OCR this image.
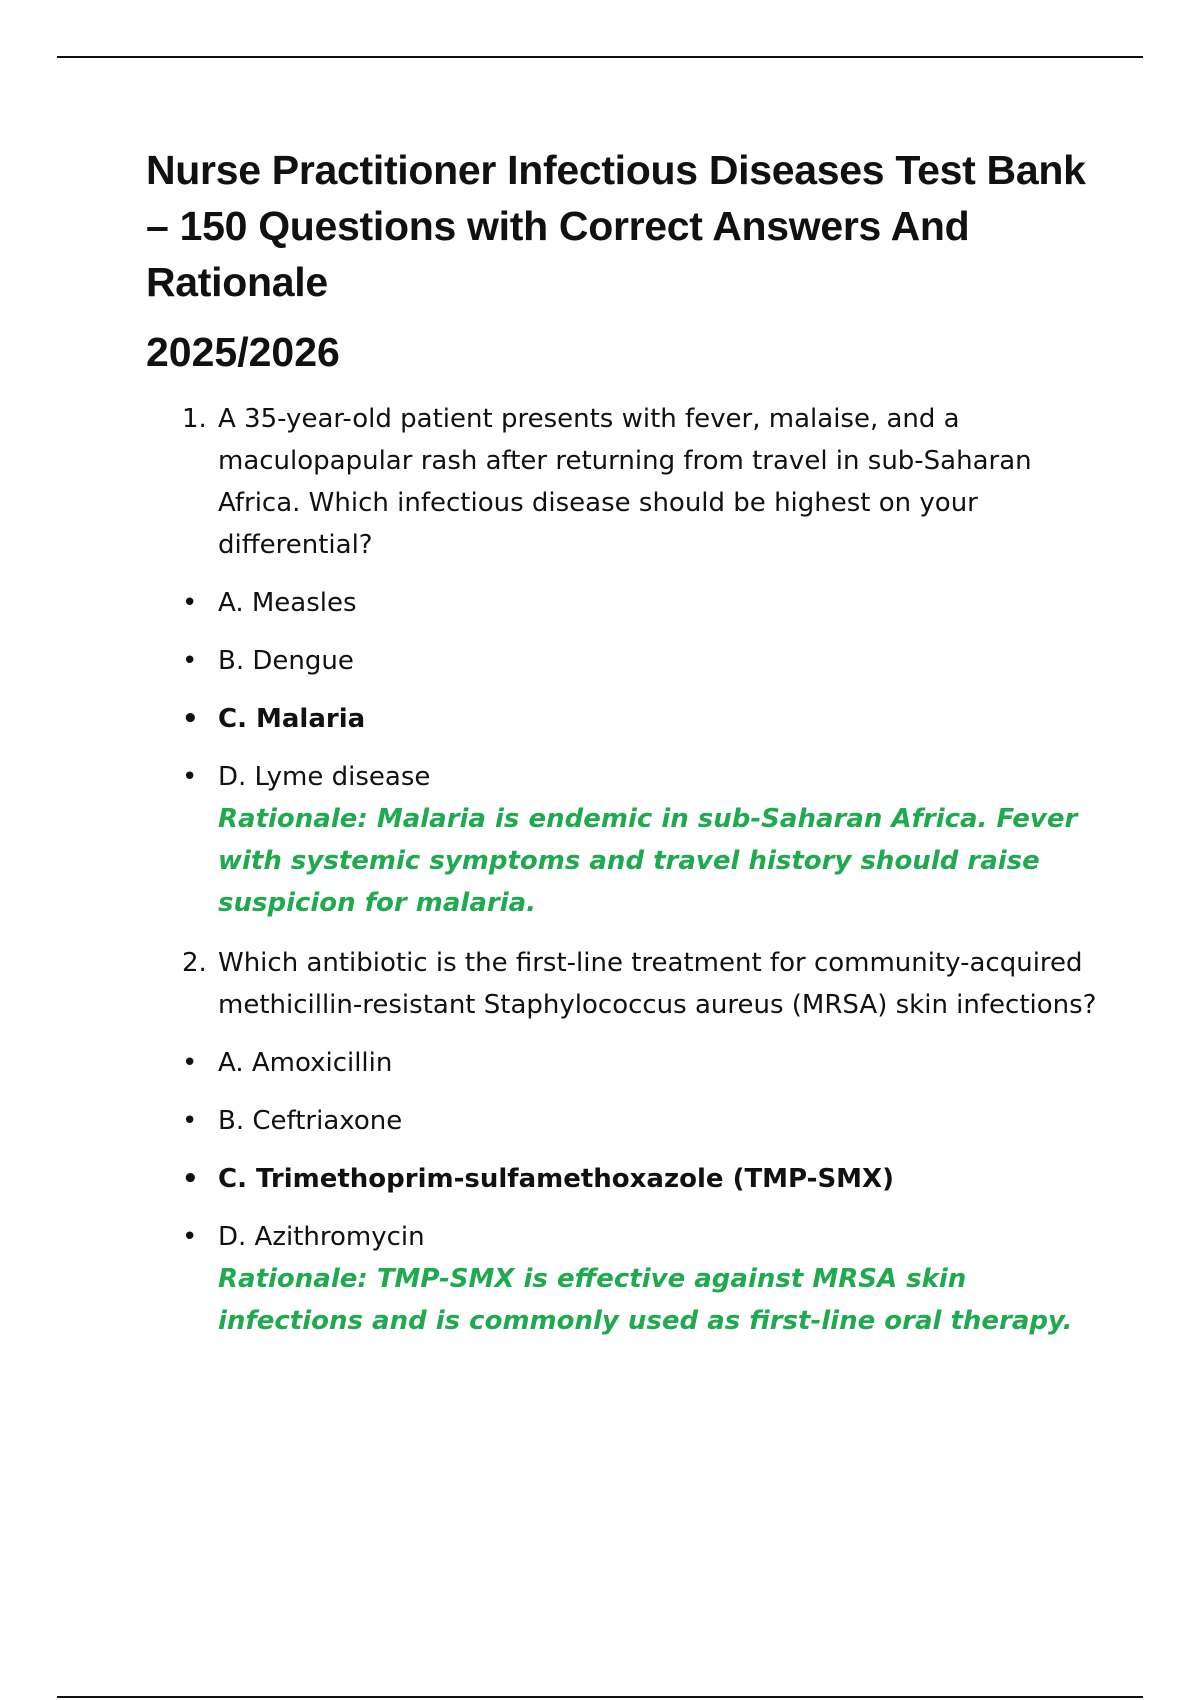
Nurse Practitioner Infectious Diseases Test Bank – 150 Questions with Correct Answers And Rationale
2025/2026
1. A 35-year-old patient presents with fever, malaise, and a maculopapular rash after returning from travel in sub-Saharan Africa. Which infectious disease should be highest on your differential?
• A. Measles
• B. Dengue
• C. Malaria
• D. Lyme disease

Rationale: Malaria is endemic in sub-Saharan Africa. Fever with systemic symptoms and travel history should raise suspicion for malaria.

2. Which antibiotic is the first-line treatment for community-acquired methicillin-resistant Staphylococcus aureus (MRSA) skin infections?
• A. Amoxicillin
• B. Ceftriaxone
• C. Trimethoprim-sulfamethoxazole (TMP-SMX)
• D. Azithromycin

Rationale: TMP-SMX is effective against MRSA skin infections and is commonly used as first-line oral therapy.
